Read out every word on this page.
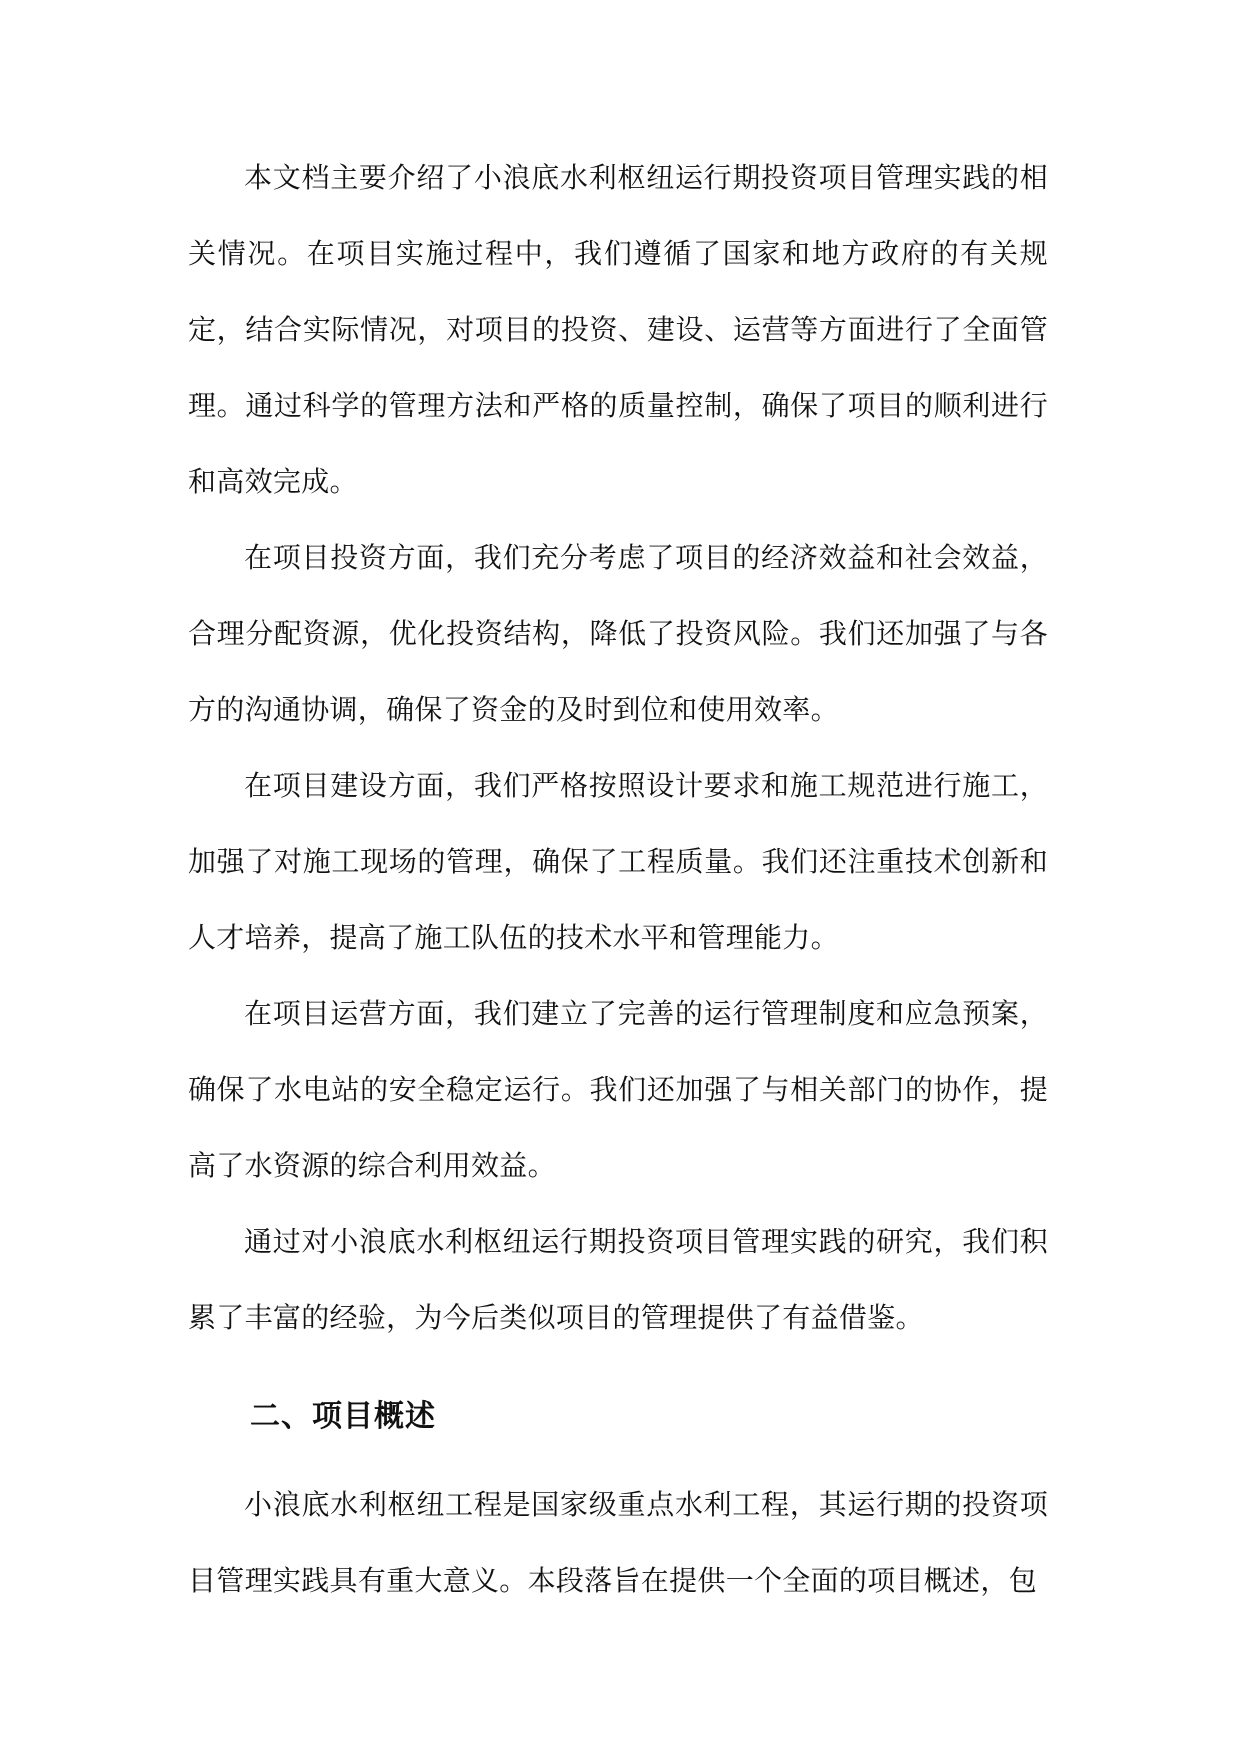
本文档主要介绍了小浪底水利枢纽运行期投资项目管理实践的相关情况。在项目实施过程中，我们遵循了国家和地方政府的有关规定，结合实际情况，对项目的投资、建设、运营等方面进行了全面管理。通过科学的管理方法和严格的质量控制，确保了项目的顺利进行和高效完成。

在项目投资方面，我们充分考虑了项目的经济效益和社会效益，合理分配资源，优化投资结构，降低了投资风险。我们还加强了与各方的沟通协调，确保了资金的及时到位和使用效率。

在项目建设方面，我们严格按照设计要求和施工规范进行施工，加强了对施工现场的管理，确保了工程质量。我们还注重技术创新和人才培养，提高了施工队伍的技术水平和管理能力。

在项目运营方面，我们建立了完善的运行管理制度和应急预案，确保了水电站的安全稳定运行。我们还加强了与相关部门的协作，提高了水资源的综合利用效益。

通过对小浪底水利枢纽运行期投资项目管理实践的研究，我们积累了丰富的经验，为今后类似项目的管理提供了有益借鉴。

二、项目概述

小浪底水利枢纽工程是国家级重点水利工程，其运行期的投资项目管理实践具有重大意义。本段落旨在提供一个全面的项目概述，包
